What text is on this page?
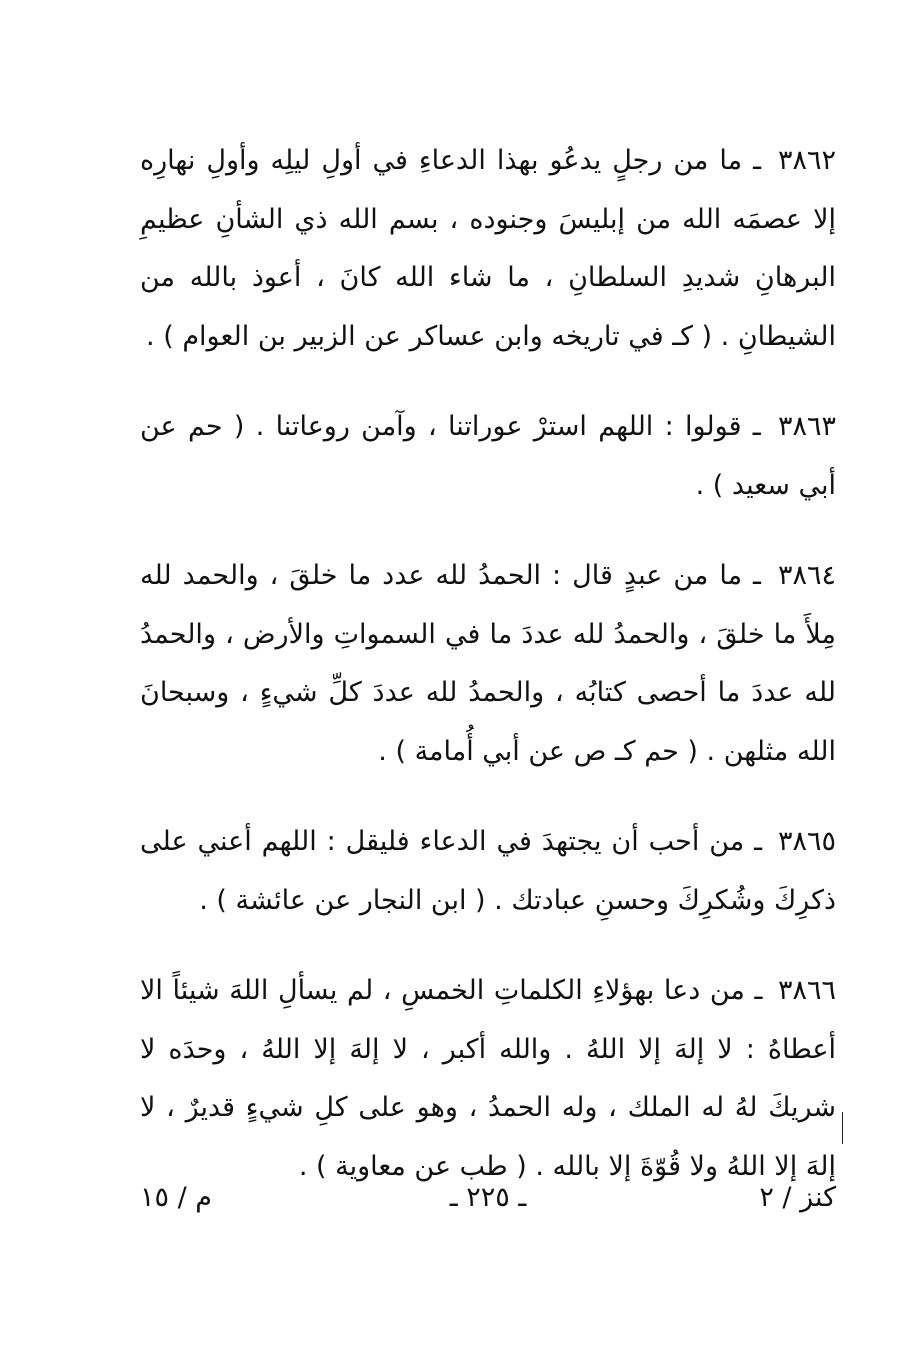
٣٨٦٢ ـ ما من رجلٍ يدعُو بهذا الدعاءِ في أولِ ليلِه وأولِ نهارِه إلا عصمَه الله من إبليسَ وجنوده ، بسم الله ذي الشأنِ عظيمِ البرهانِ شديدِ السلطانِ ، ما شاء الله كانَ ، أعوذ بالله من الشيطانِ . ( كـ في تاريخه وابن عساكر عن الزبير بن العوام ) .

٣٨٦٣ ـ قولوا : اللهم استرْ عوراتنا ، وآمن روعاتنا . ( حم عن أبي سعيد ) .

٣٨٦٤ ـ ما من عبدٍ قال : الحمدُ لله عدد ما خلقَ ، والحمد لله مِلأَ ما خلقَ ، والحمدُ لله عددَ ما في السمواتِ والأرض ، والحمدُ لله عددَ ما أحصى كتابُه ، والحمدُ لله عددَ كلِّ شيءٍ ، وسبحانَ الله مثلهن . ( حم كـ ص عن أبي أُمامة ) .

٣٨٦٥ ـ من أحب أن يجتهدَ في الدعاء فليقل : اللهم أعني على ذكرِكَ وشُكرِكَ وحسنِ عبادتك . ( ابن النجار عن عائشة ) .

٣٨٦٦ ـ من دعا بهؤلاءِ الكلماتِ الخمسِ ، لم يسألِ اللهَ شيئاً الا أعطاهُ : لا إلهَ إلا اللهُ . والله أكبر ، لا إلهَ إلا اللهُ ، وحدَه لا شريكَ لهُ له الملك ، وله الحمدُ ، وهو على كلِ شيءٍ قديرٌ ، لا إلهَ إلا اللهُ ولا قُوّةَ إلا بالله . ( طب عن معاوية ) .

كنز / ٢
ـ ٢٢٥ ـ
م / ١٥
